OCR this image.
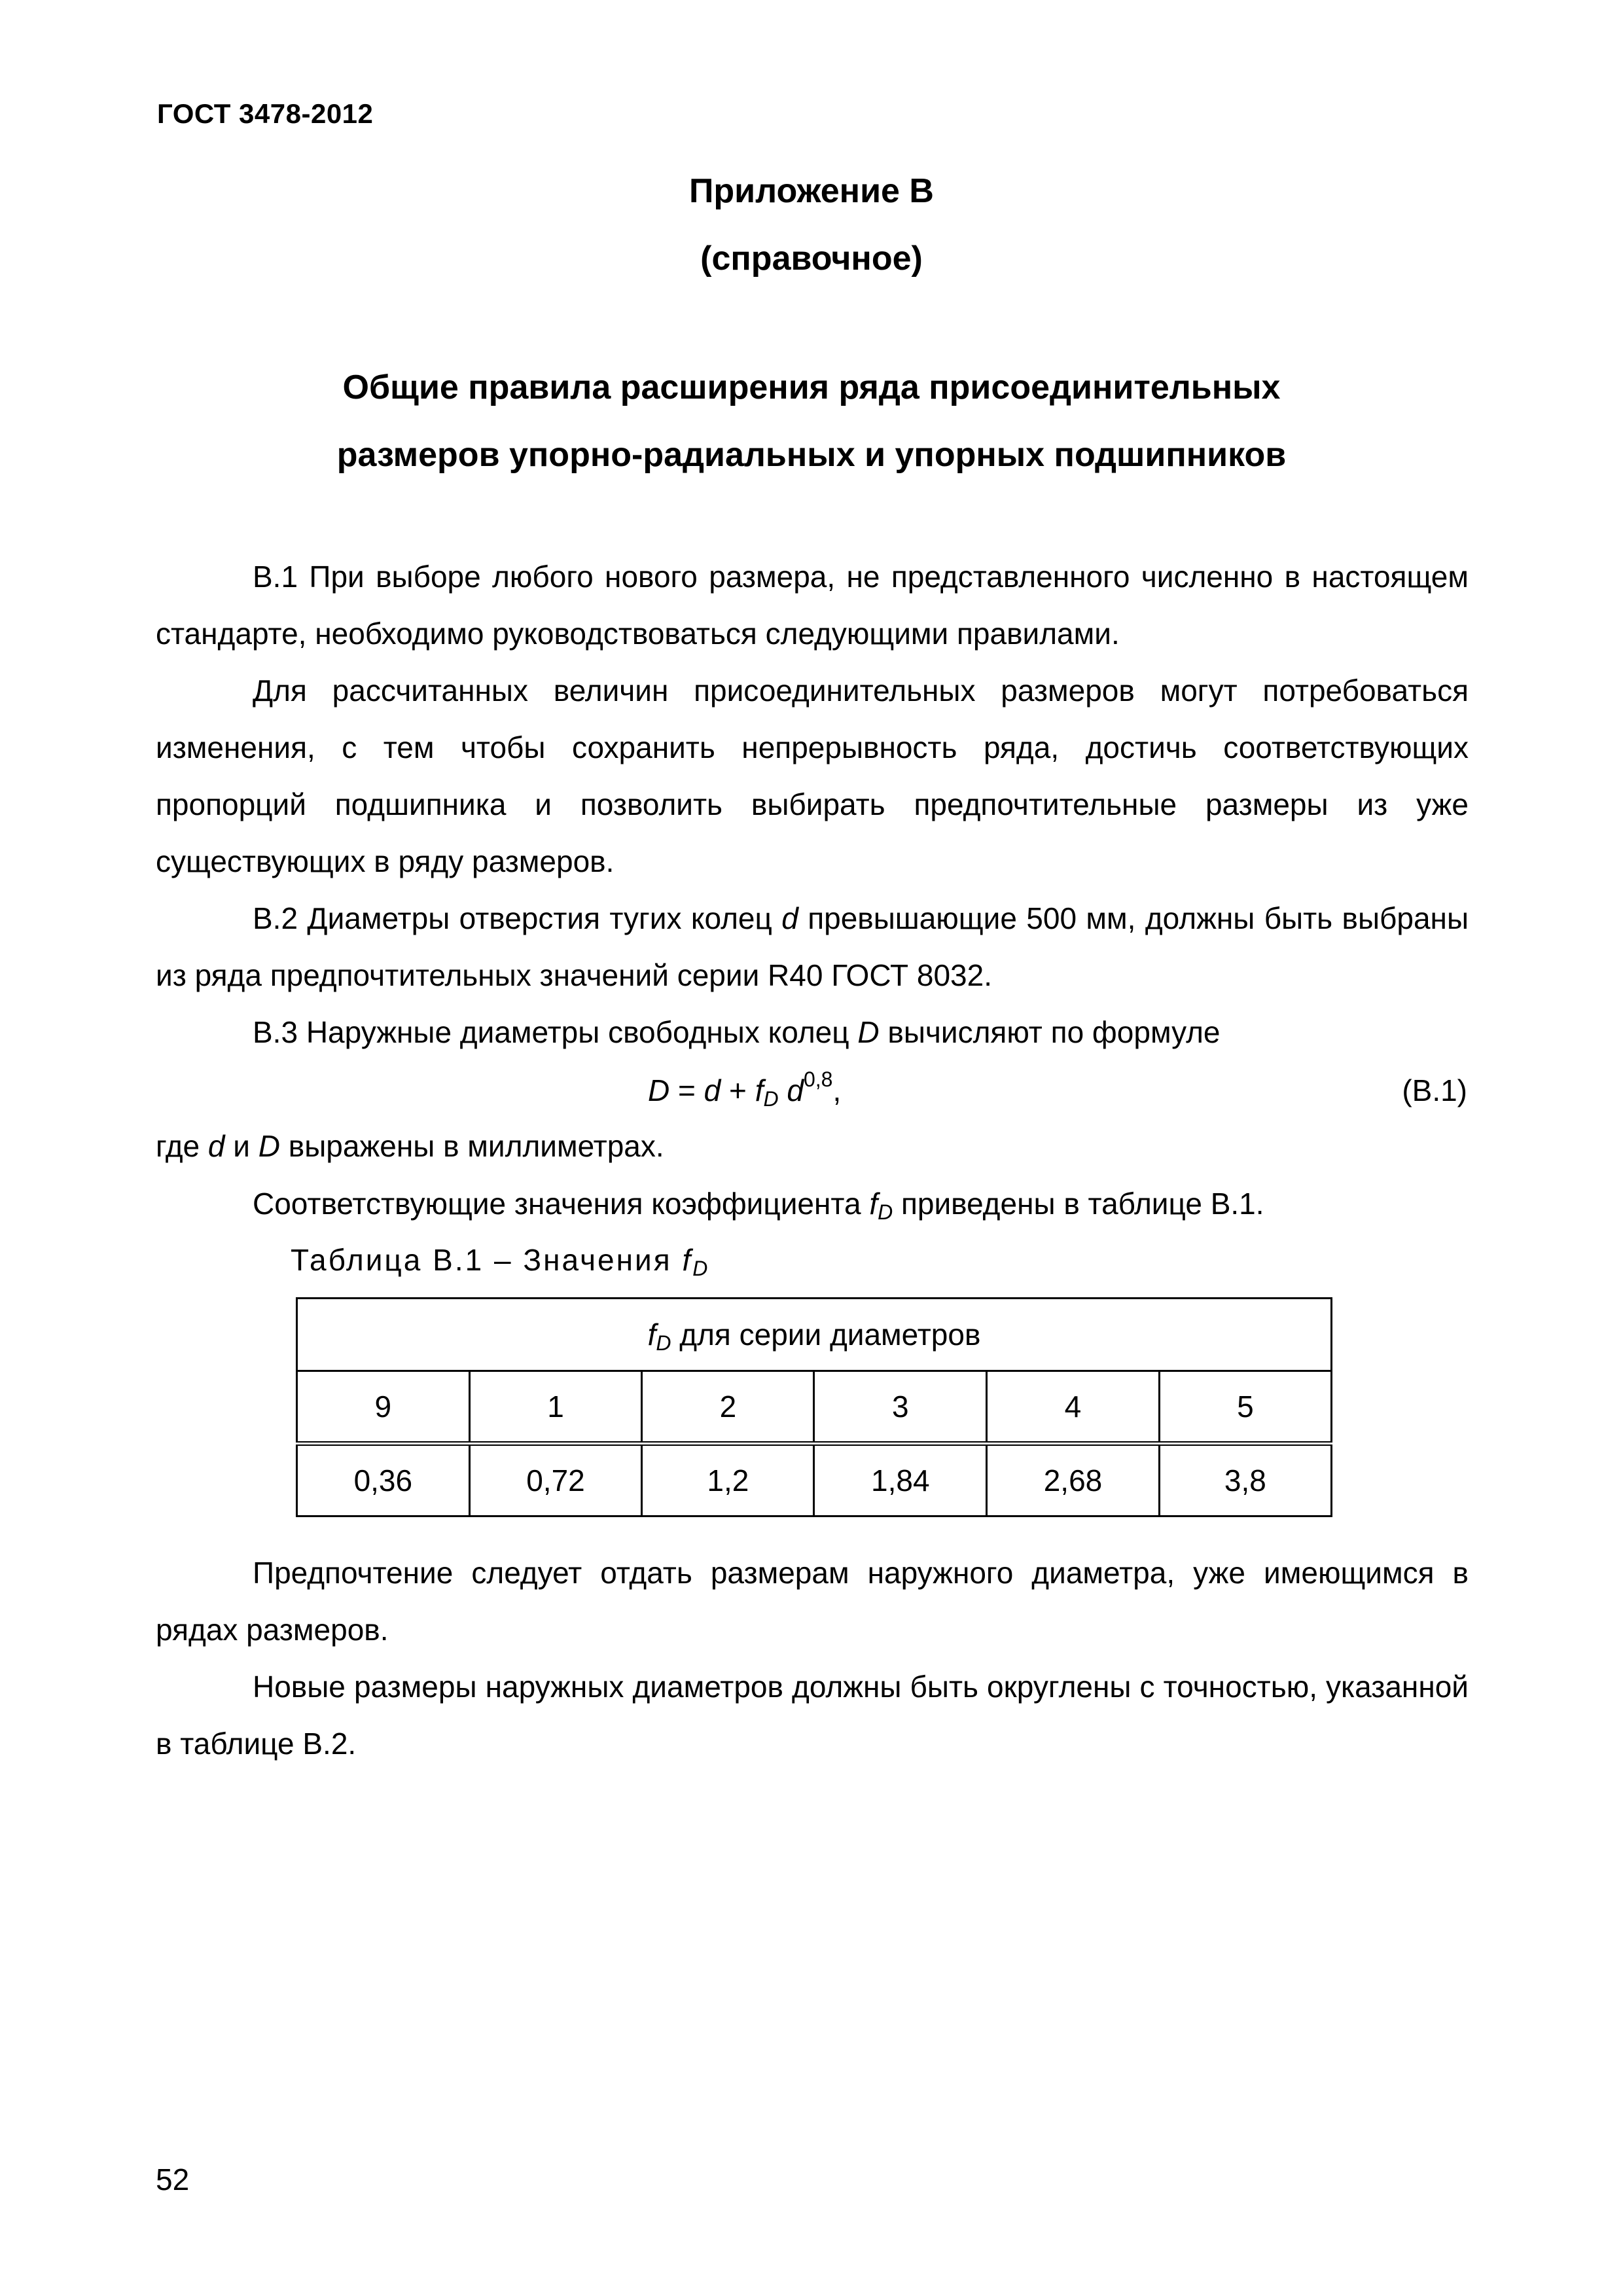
ГОСТ 3478-2012
Приложение В
(справочное)
Общие правила расширения ряда присоединительных
размеров упорно-радиальных и упорных подшипников

В.1 При выборе любого нового размера, не представленного численно в настоящем стандарте, необходимо руководствоваться следующими правилами.

Для рассчитанных величин присоединительных размеров могут потребоваться изменения, с тем чтобы сохранить непрерывность ряда, достичь соответствующих пропорций подшипника и позволить выбирать предпочтительные размеры из уже существующих в ряду размеров.

В.2 Диаметры отверстия тугих колец d превышающие 500 мм, должны быть выбраны из ряда предпочтительных значений серии R40 ГОСТ 8032.

В.3 Наружные диаметры свободных колец D вычисляют по формуле

$D = d + f_D$ $d^{0,8}$,	(В.1)

где d и D выражены в миллиметрах.

Соответствующие значения коэффициента $f_D$ приведены в таблице В.1.

Таблица В.1 – Значения $f_D$
$f_D$ для серии диаметров					
9	1	2	3	4	5
0,36	0,72	1,2	1,84	2,68	3,8

Предпочтение следует отдать размерам наружного диаметра, уже имеющимся в рядах размеров.

Новые размеры наружных диаметров должны быть округлены с точностью, указанной в таблице В.2.

52
